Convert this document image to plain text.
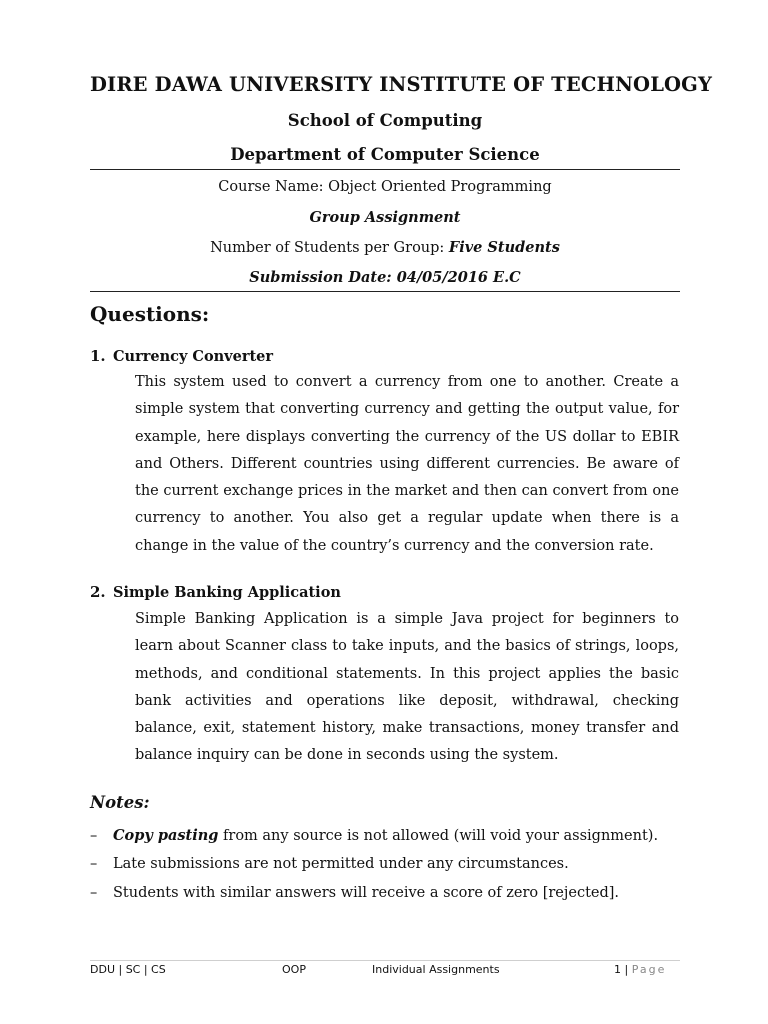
DIRE DAWA UNIVERSITY INSTITUTE OF TECHNOLOGY
School of Computing
Department of Computer Science
Course Name: Object Oriented Programming
Group Assignment
Number of Students per Group: Five Students
Submission Date: 04/05/2016 E.C
Questions:
1. Currency Converter
This system used to convert a currency from one to another. Create a simple system that converting currency and getting the output value, for example, here displays converting the currency of the US dollar to EBIR and Others. Different countries using different currencies. Be aware of the current exchange prices in the market and then can convert from one currency to another. You also get a regular update when there is a change in the value of the country’s currency and the conversion rate.
2. Simple Banking Application
Simple Banking Application is a simple Java project for beginners to learn about Scanner class to take inputs, and the basics of strings, loops, methods, and conditional statements. In this project applies the basic bank activities and operations like deposit, withdrawal, checking balance, exit, statement history, make transactions, money transfer and balance inquiry can be done in seconds using the system.
Notes:
– Copy pasting from any source is not allowed (will void your assignment).
– Late submissions are not permitted under any circumstances.
– Students with similar answers will receive a score of zero [rejected].
DDU | SC | CS	OOP	Individual Assignments	1 | Page
